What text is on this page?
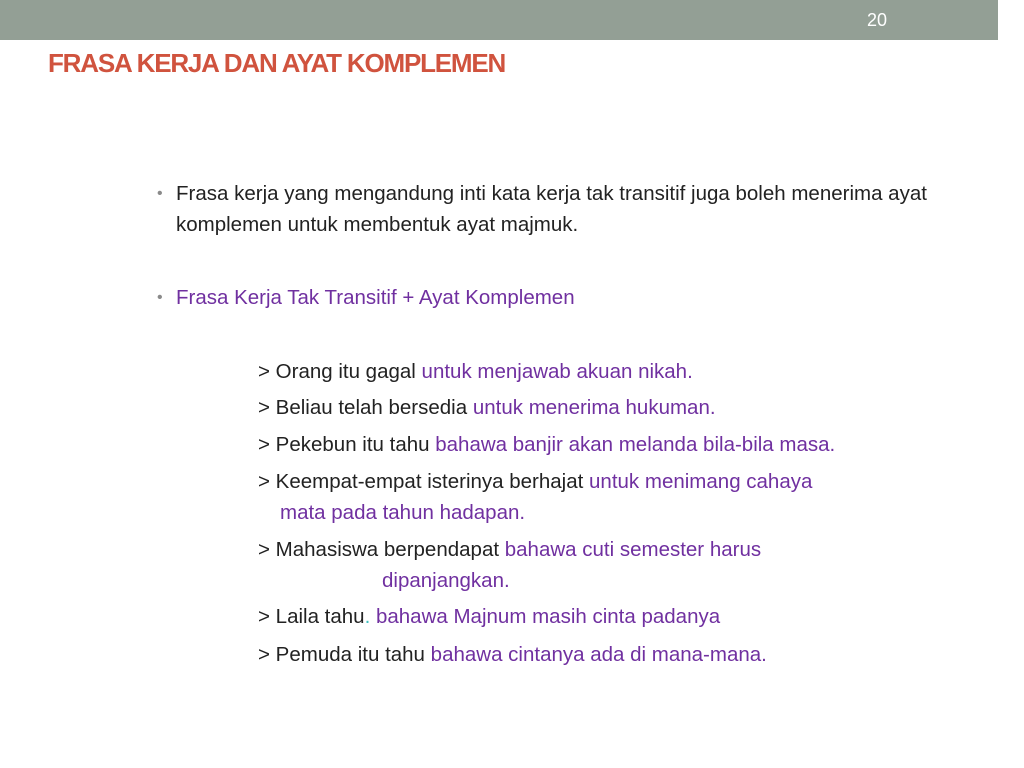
20
FRASA KERJA DAN AYAT KOMPLEMEN
• Frasa kerja yang mengandung inti kata kerja tak transitif juga boleh menerima ayat komplemen untuk membentuk ayat majmuk.
• Frasa Kerja Tak Transitif + Ayat Komplemen
> Orang itu gagal untuk menjawab akuan nikah.
> Beliau telah bersedia untuk menerima hukuman.
> Pekebun itu tahu bahawa banjir akan melanda bila-bila masa.
> Keempat-empat isterinya berhajat untuk menimang cahaya
mata pada tahun hadapan.
> Mahasiswa berpendapat bahawa cuti semester harus
dipanjangkan.
> Laila tahu. bahawa Majnum masih cinta padanya
> Pemuda itu tahu bahawa cintanya ada di mana-mana.
